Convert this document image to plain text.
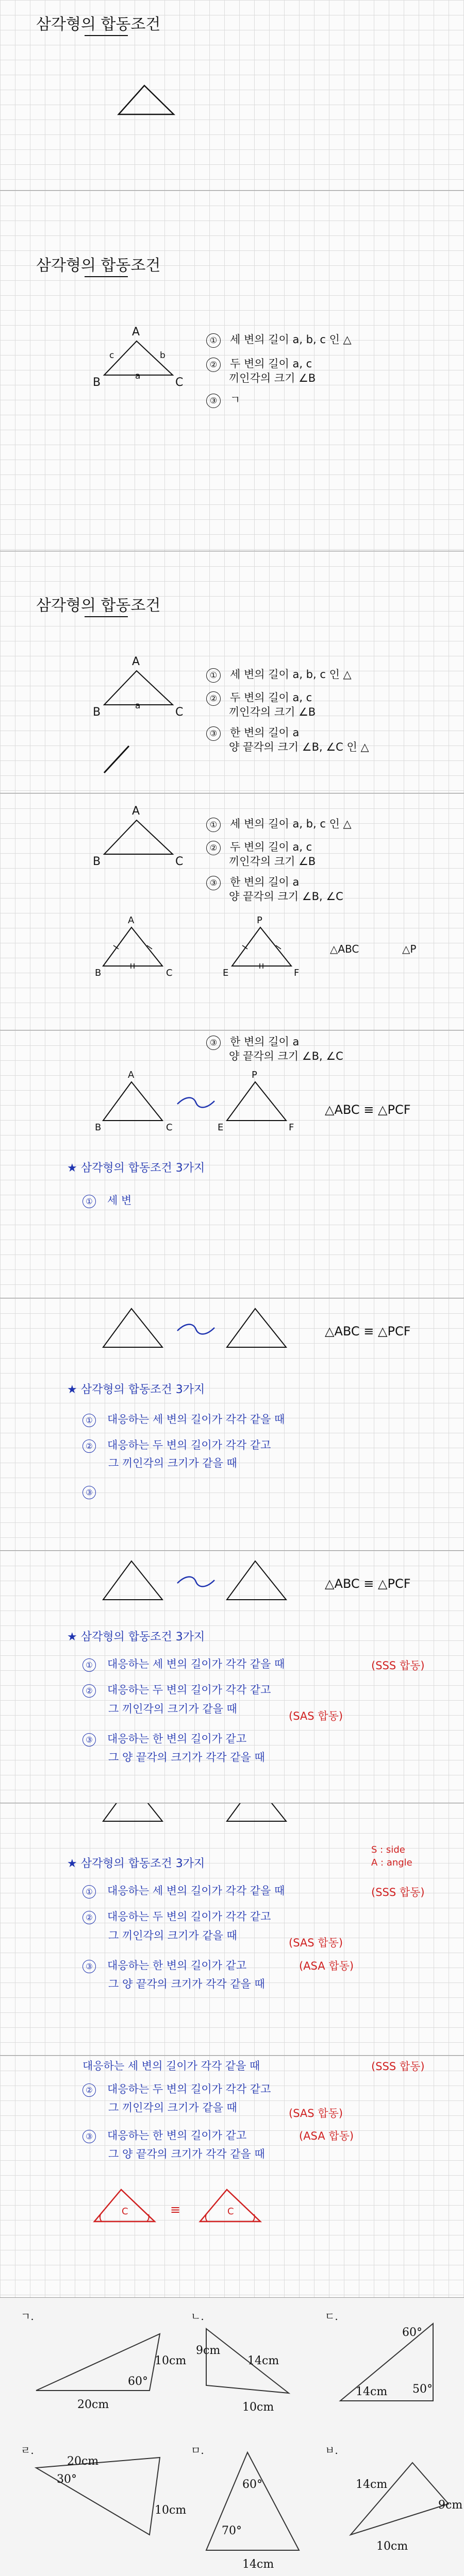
삼각형의 합동조건
삼각형의 합동조건
A
B	C
c	b
a
① 세 변의 길이 a, b, c 인 △
② 두 변의 길이 a, c
끼인각의 크기 ∠B
③ ㄱ
삼각형의 합동조건
A
B	C
a
① 세 변의 길이 a, b, c 인 △
② 두 변의 길이 a, c
끼인각의 크기 ∠B
③ 한 변의 길이 a
양 끝각의 크기 ∠B, ∠C 인 △
A
B	C
① 세 변의 길이 a, b, c 인 △
② 두 변의 길이 a, c
끼인각의 크기 ∠B
③ 한 변의 길이 a
양 끝각의 크기 ∠B, ∠C
A
B	C
P
E	F
△ABC	△P
③ 한 변의 길이 a
양 끝각의 크기 ∠B, ∠C
A	P
B	C	E	F
△ABC ≡ △PCF
★ 삼각형의 합동조건 3가지
① 세 변
△ABC ≡ △PCF
★ 삼각형의 합동조건 3가지
① 대응하는 세 변의 길이가 각각 같을 때
② 대응하는 두 변의 길이가 각각 같고
그 끼인각의 크기가 같을 때
③
△ABC ≡ △PCF
★ 삼각형의 합동조건 3가지
① 대응하는 세 변의 길이가 각각 같을 때	(SSS 합동)
② 대응하는 두 변의 길이가 각각 같고
그 끼인각의 크기가 같을 때
(SAS 합동)
③ 대응하는 한 변의 길이가 같고
그 양 끝각의 크기가 각각 같을 때
S : side
A : angle
★ 삼각형의 합동조건 3가지
① 대응하는 세 변의 길이가 각각 같을 때	(SSS 합동)
② 대응하는 두 변의 길이가 각각 같고
그 끼인각의 크기가 같을 때
(SAS 합동)
③ 대응하는 한 변의 길이가 같고	(ASA 합동)
그 양 끝각의 크기가 각각 같을 때
대응하는 세 변의 길이가 각각 같을 때	(SSS 합동)
② 대응하는 두 변의 길이가 각각 같고
그 끼인각의 크기가 같을 때	(SAS 합동)
③ 대응하는 한 변의 길이가 같고	(ASA 합동)
그 양 끝각의 크기가 각각 같을 때
≡
C	C
ㄱ.	ㄴ.	ㄷ.
10cm
60°
20cm
9cm
14cm
10cm
60°
50°
14cm
ㄹ.	ㅁ.	ㅂ.
20cm
30°
10cm
60°
70°
14cm
14cm
9cm
10cm
